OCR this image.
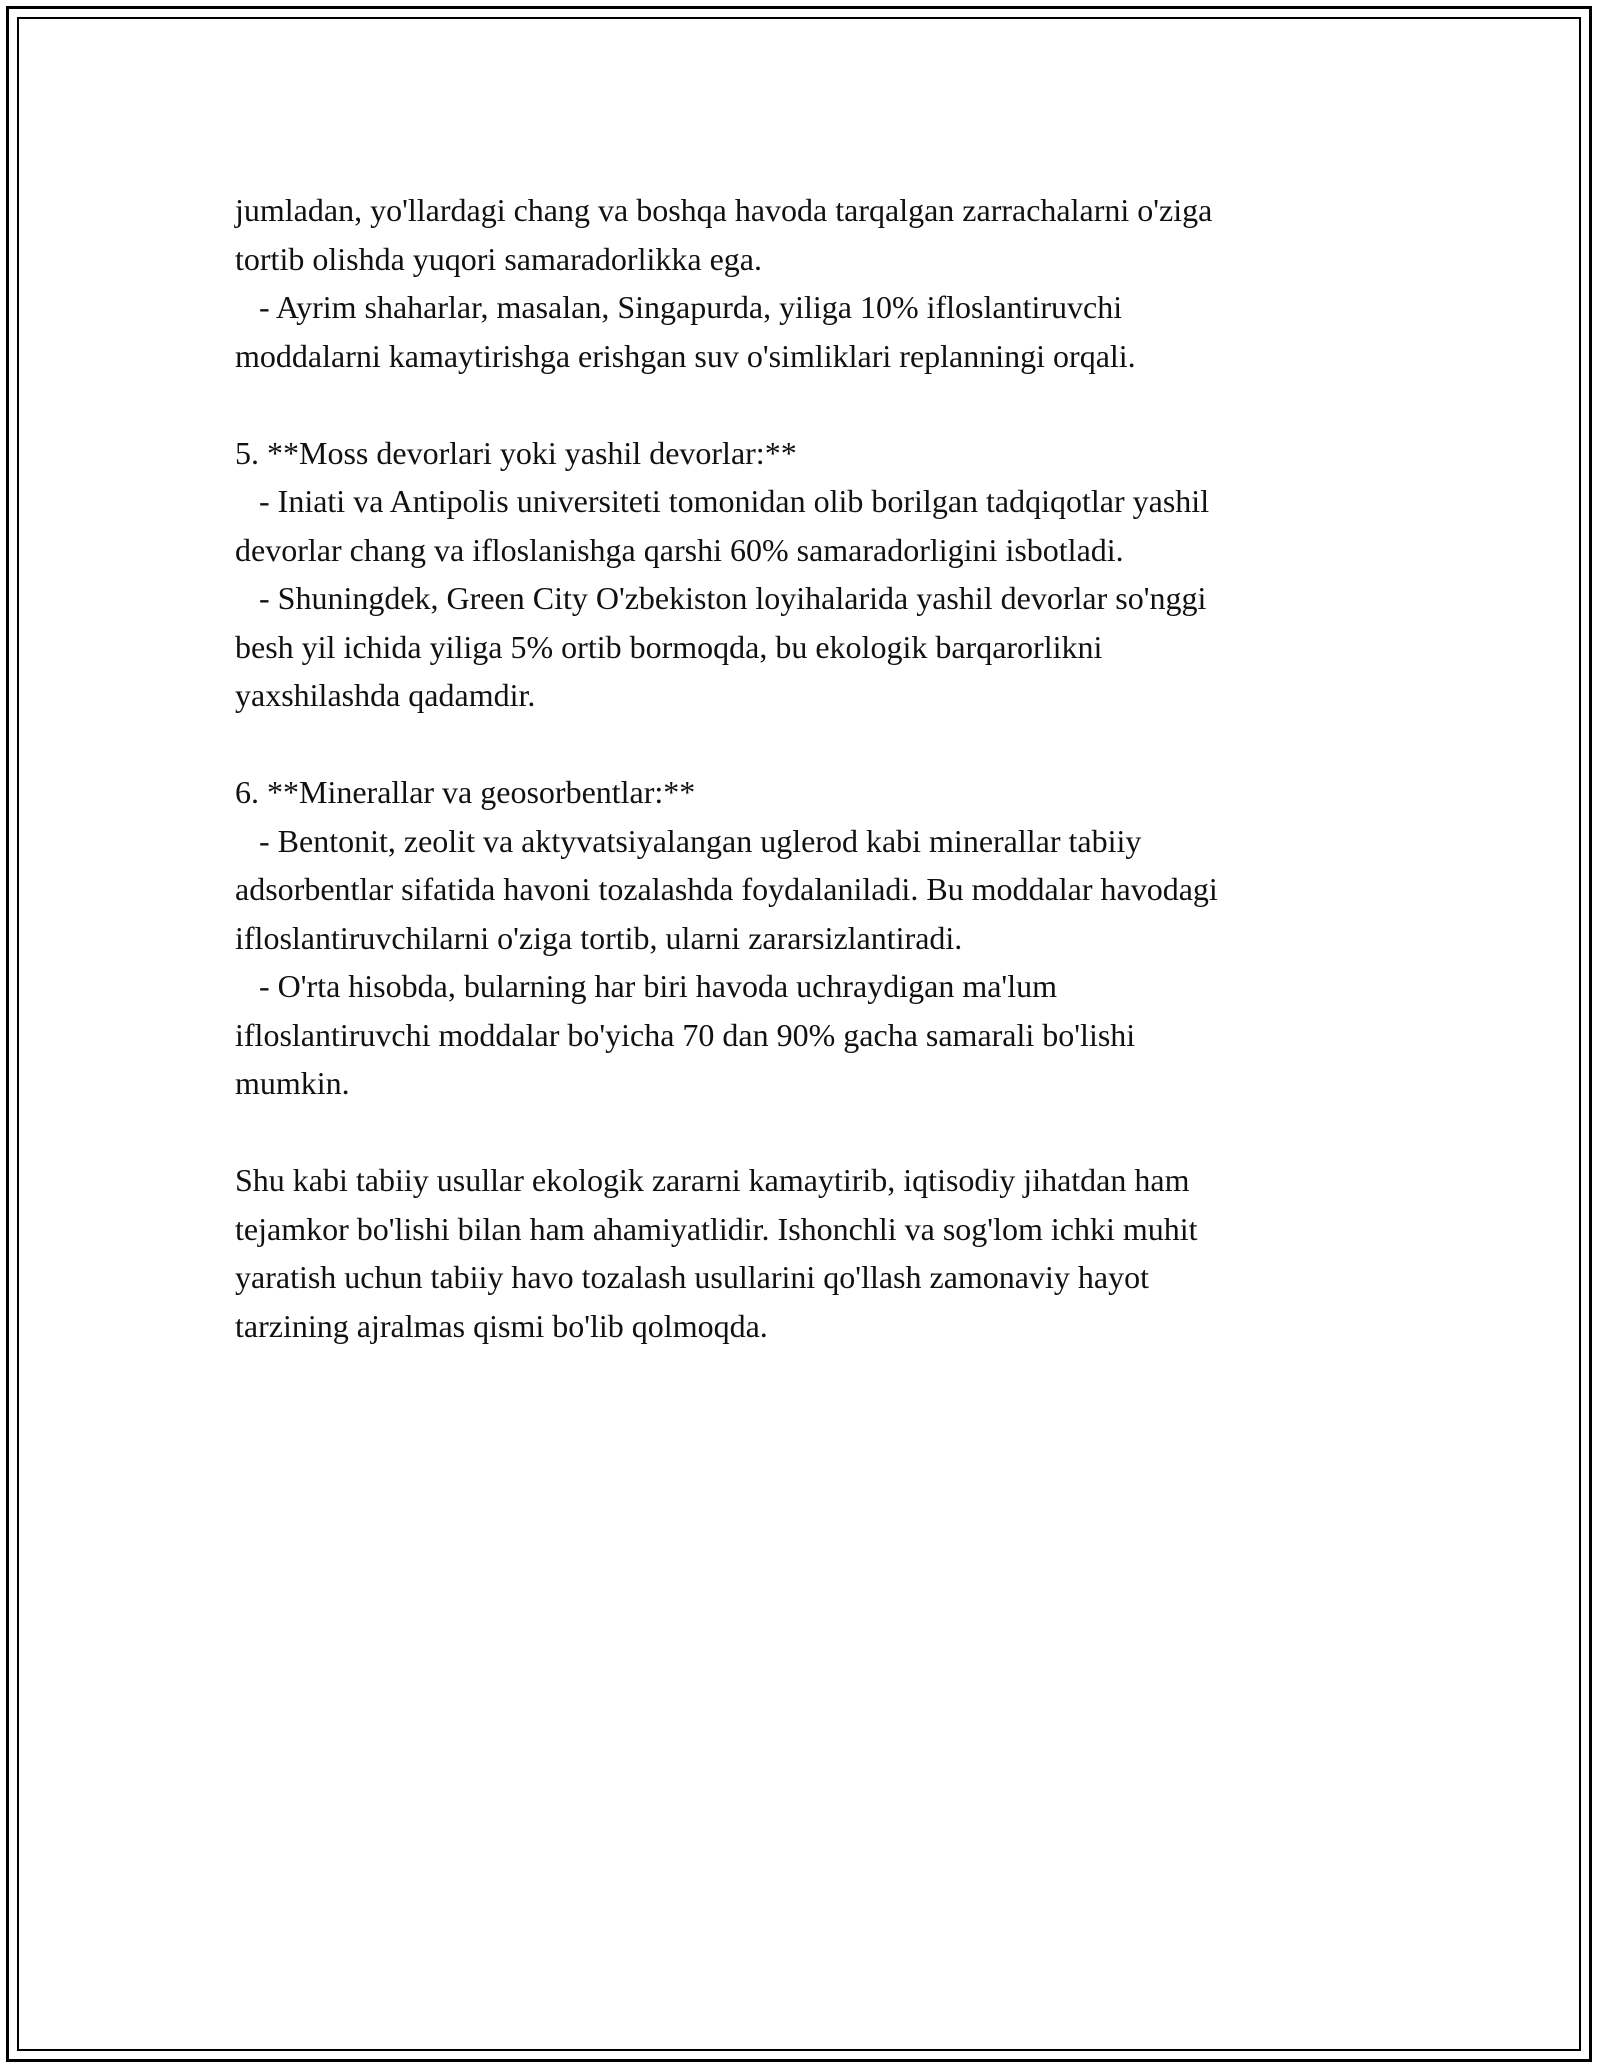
jumladan, yo'llardagi chang va boshqa havoda tarqalgan zarrachalarni o'ziga
tortib olishda yuqori samaradorlikka ega.
- Ayrim shaharlar, masalan, Singapurda, yiliga 10% ifloslantiruvchi
moddalarni kamaytirishga erishgan suv o'simliklari replanningi orqali.
5. **Moss devorlari yoki yashil devorlar:**
- Iniati va Antipolis universiteti tomonidan olib borilgan tadqiqotlar yashil
devorlar chang va ifloslanishga qarshi 60% samaradorligini isbotladi.
- Shuningdek, Green City O'zbekiston loyihalarida yashil devorlar so'nggi
besh yil ichida yiliga 5% ortib bormoqda, bu ekologik barqarorlikni
yaxshilashda qadamdir.
6. **Minerallar va geosorbentlar:**
- Bentonit, zeolit va aktyvatsiyalangan uglerod kabi minerallar tabiiy
adsorbentlar sifatida havoni tozalashda foydalaniladi. Bu moddalar havodagi
ifloslantiruvchilarni o'ziga tortib, ularni zararsizlantiradi.
- O'rta hisobda, bularning har biri havoda uchraydigan ma'lum
ifloslantiruvchi moddalar bo'yicha 70 dan 90% gacha samarali bo'lishi
mumkin.
Shu kabi tabiiy usullar ekologik zararni kamaytirib, iqtisodiy jihatdan ham
tejamkor bo'lishi bilan ham ahamiyatlidir. Ishonchli va sog'lom ichki muhit
yaratish uchun tabiiy havo tozalash usullarini qo'llash zamonaviy hayot
tarzining ajralmas qismi bo'lib qolmoqda.
